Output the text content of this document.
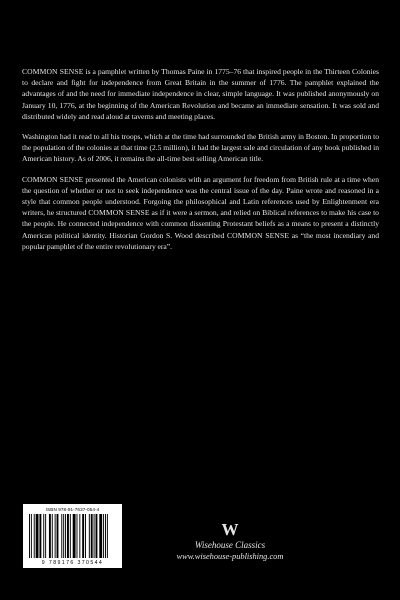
COMMON SENSE is a pamphlet written by Thomas Paine in 1775–76 that inspired people in the Thirteen Colonies to declare and fight for independence from Great Britain in the summer of 1776. The pamphlet explained the advantages of and the need for immediate independence in clear, simple language. It was published anonymously on January 10, 1776, at the beginning of the American Revolution and became an immediate sensation. It was sold and distributed widely and read aloud at taverns and meeting places.

Washington had it read to all his troops, which at the time had surrounded the British army in Boston. In proportion to the population of the colonies at that time (2.5 million), it had the largest sale and circulation of any book published in American history. As of 2006, it remains the all-time best selling American title.

COMMON SENSE presented the American colonists with an argument for freedom from British rule at a time when the question of whether or not to seek independence was the central issue of the day. Paine wrote and reasoned in a style that common people understood. Forgoing the philosophical and Latin references used by Enlightenment era writers, he structured COMMON SENSE as if it were a sermon, and relied on Biblical references to make his case to the people. He connected independence with common dissenting Protestant beliefs as a means to present a distinctly American political identity. Historian Gordon S. Wood described COMMON SENSE as “the most incendiary and popular pamphlet of the entire revolutionary era”.

ISBN 978-91-7637-054-4
9 789176 370544
W
Wisehouse Classics
www.wisehouse-publishing.com
